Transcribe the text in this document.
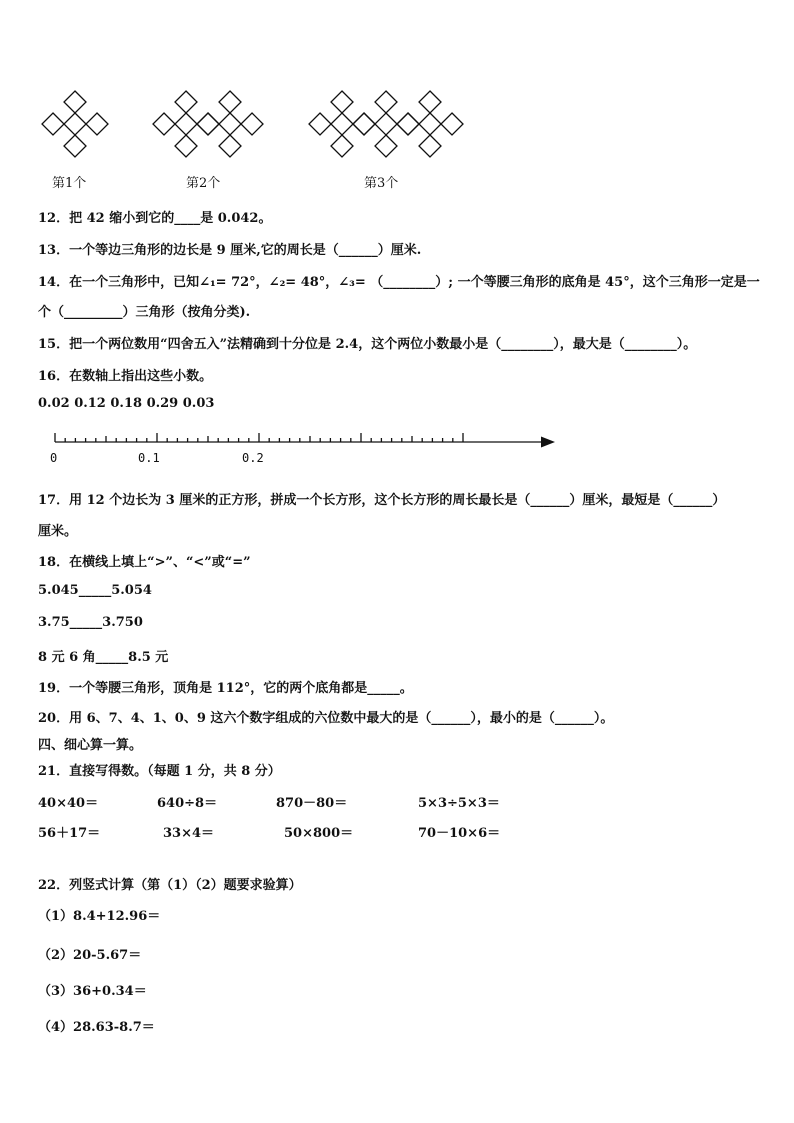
第1个	第2个	第3个
12．把 42 缩小到它的____是 0.042。
13．一个等边三角形的边长是 9 厘米,它的周长是（______）厘米.
14．在一个三角形中，已知∠₁= 72°，∠₂= 48°，∠₃= （________）; 一个等腰三角形的底角是 45°，这个三角形一定是一
个（_________）三角形（按角分类).
15．把一个两位数用“四舍五入”法精确到十分位是 2.4，这个两位小数最小是（________），最大是（________）。
16．在数轴上指出这些小数。
0.02 0.12 0.18 0.29 0.03
0	0.1	0.2
17．用 12 个边长为 3 厘米的正方形，拼成一个长方形，这个长方形的周长最长是（______）厘米，最短是（______）
厘米。
18．在横线上填上“>”、“<”或“=”
5.045_____5.054
3.75_____3.750
8 元 6 角_____8.5 元
19．一个等腰三角形，顶角是 112°，它的两个底角都是_____。
20．用 6、7、4、1、0、9 这六个数字组成的六位数中最大的是（______），最小的是（______）。
四、细心算一算。
21．直接写得数。（每题 1 分，共 8 分）
40×40＝	640÷8＝	870－80＝	5×3÷5×3＝
56＋17＝	33×4＝	50×800＝	70－10×6＝
22．列竖式计算（第（1）（2）题要求验算）
（1）8.4+12.96＝
（2）20-5.67＝
（3）36+0.34＝
（4）28.63-8.7＝
